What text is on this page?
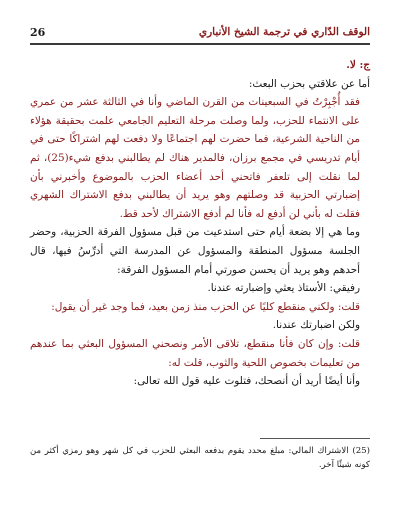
26	الوقف الدّاري في ترجمة الشيخ الأنباري

ج: لا.

أما عن علاقتي بحزب البعث:

فقد أُجْبِرْتُ في السبعينات من القرن الماضي وأنا في الثالثة عشر من عمري على الانتماء للحزب، ولما وصلت مرحلة التعليم الجامعي علمت بحقيقة هؤلاء من الناحية الشرعية، فما حضرت لهم اجتماعًا ولا دفعت لهم اشتراكًا حتى في أيام تدريسي في مجمع برزان، فالمدير هناك لم يطالبني بدفع شيء(25)، ثم لما نقلت إلى تلعفر فاتحني أحد أعضاء الحزب بالموضوع وأخبرني بأن إضبارتي الحزبية قد وصلتهم وهو يريد أن يطالبني بدفع الاشتراك الشهري فقلت له بأني لن أدفع له فأنا لم أدفع الاشتراك لأحد قط.

وما هي إلا بضعة أيام حتى استدعيت من قبل مسؤول الفرقة الحزبية، وحضر الجلسة مسؤول المنطقة والمسؤول عن المدرسة التي أدرِّسُ فيها، قال أحدهم وهو يريد أن يحسن صورتي أمام المسؤول الفرقة:

رفيقي: الأستاذ يعثي وإضبارته عندنا.

قلت: ولكني منقطع كليًا عن الحزب منذ زمن بعيد، فما وجد غير أن يقول:

ولكن اضبارتك عندنا.

قلت: وإن كان فأنا منقطع، تلاقى الأمر ونصحني المسؤول البعثي بما عندهم من تعليمات بخصوص اللحية والثوب، قلت له:

وأنا أيضًا أريد أن أنصحك، فتلوت عليه قول الله تعالى:

(25) الاشتراك المالي: مبلغ محدد يقوم بدفعه البعثي للحزب في كل شهر وهو رمزي أكثر من كونه شيئًا آخر.
